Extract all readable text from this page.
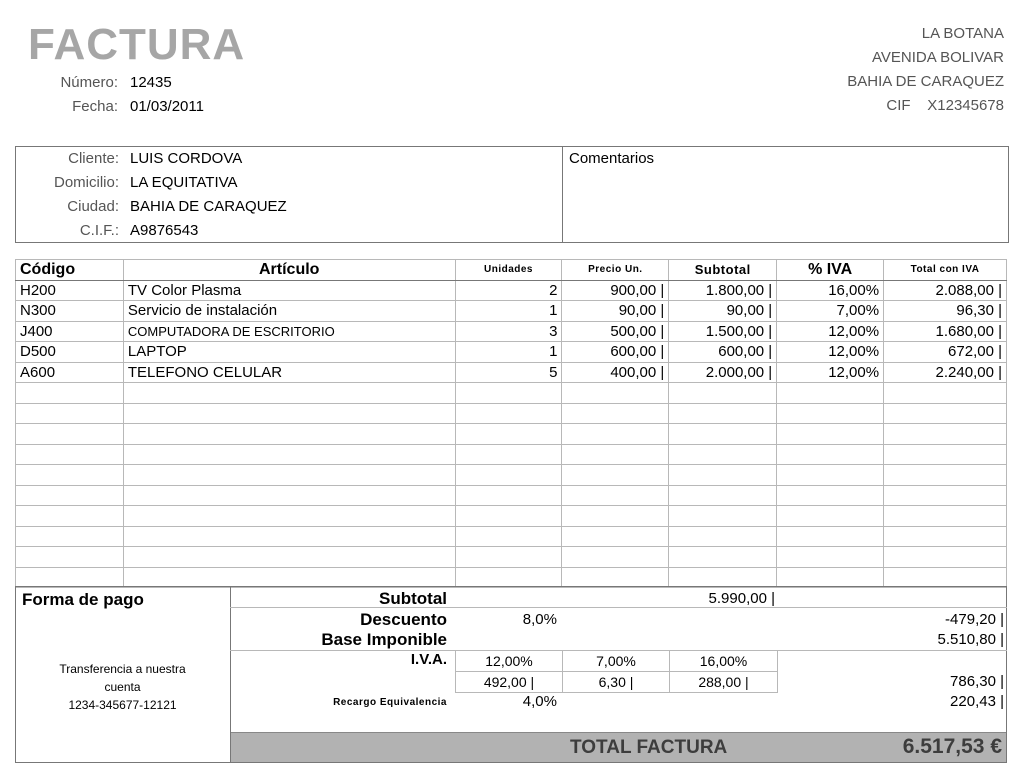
FACTURA
Número: 12435
Fecha: 01/03/2011
LA BOTANA
AVENIDA BOLIVAR
BAHIA DE CARAQUEZ
CIF X12345678
Comentarios
Cliente: LUIS CORDOVA
Domicilio: LA EQUITATIVA
Ciudad: BAHIA DE CARAQUEZ
C.I.F.: A9876543
Código	Artículo	Unidades	Precio Un.	Subtotal	% IVA	Total con IVA
H200	TV Color Plasma	2	900,00 |	1.800,00 |	16,00%	2.088,00 |
N300	Servicio de instalación	1	90,00 |	90,00 |	7,00%	96,30 |
J400	COMPUTADORA DE ESCRITORIO	3	500,00 |	1.500,00 |	12,00%	1.680,00 |
D500	LAPTOP	1	600,00 |	600,00 |	12,00%	672,00 |
A600	TELEFONO CELULAR	5	400,00 |	2.000,00 |	12,00%	2.240,00 |

Forma de pago
Transferencia a nuestra
cuenta
1234-345677-12121
Subtotal	5.990,00 |
Descuento	8,0%	-479,20 |
Base Imponible	5.510,80 |
I.V.A.	12,00%	7,00%	16,00%
492,00 |	6,30 |	288,00 |	786,30 |
Recargo Equivalencia	4,0%	220,43 |
TOTAL FACTURA	6.517,53 €
